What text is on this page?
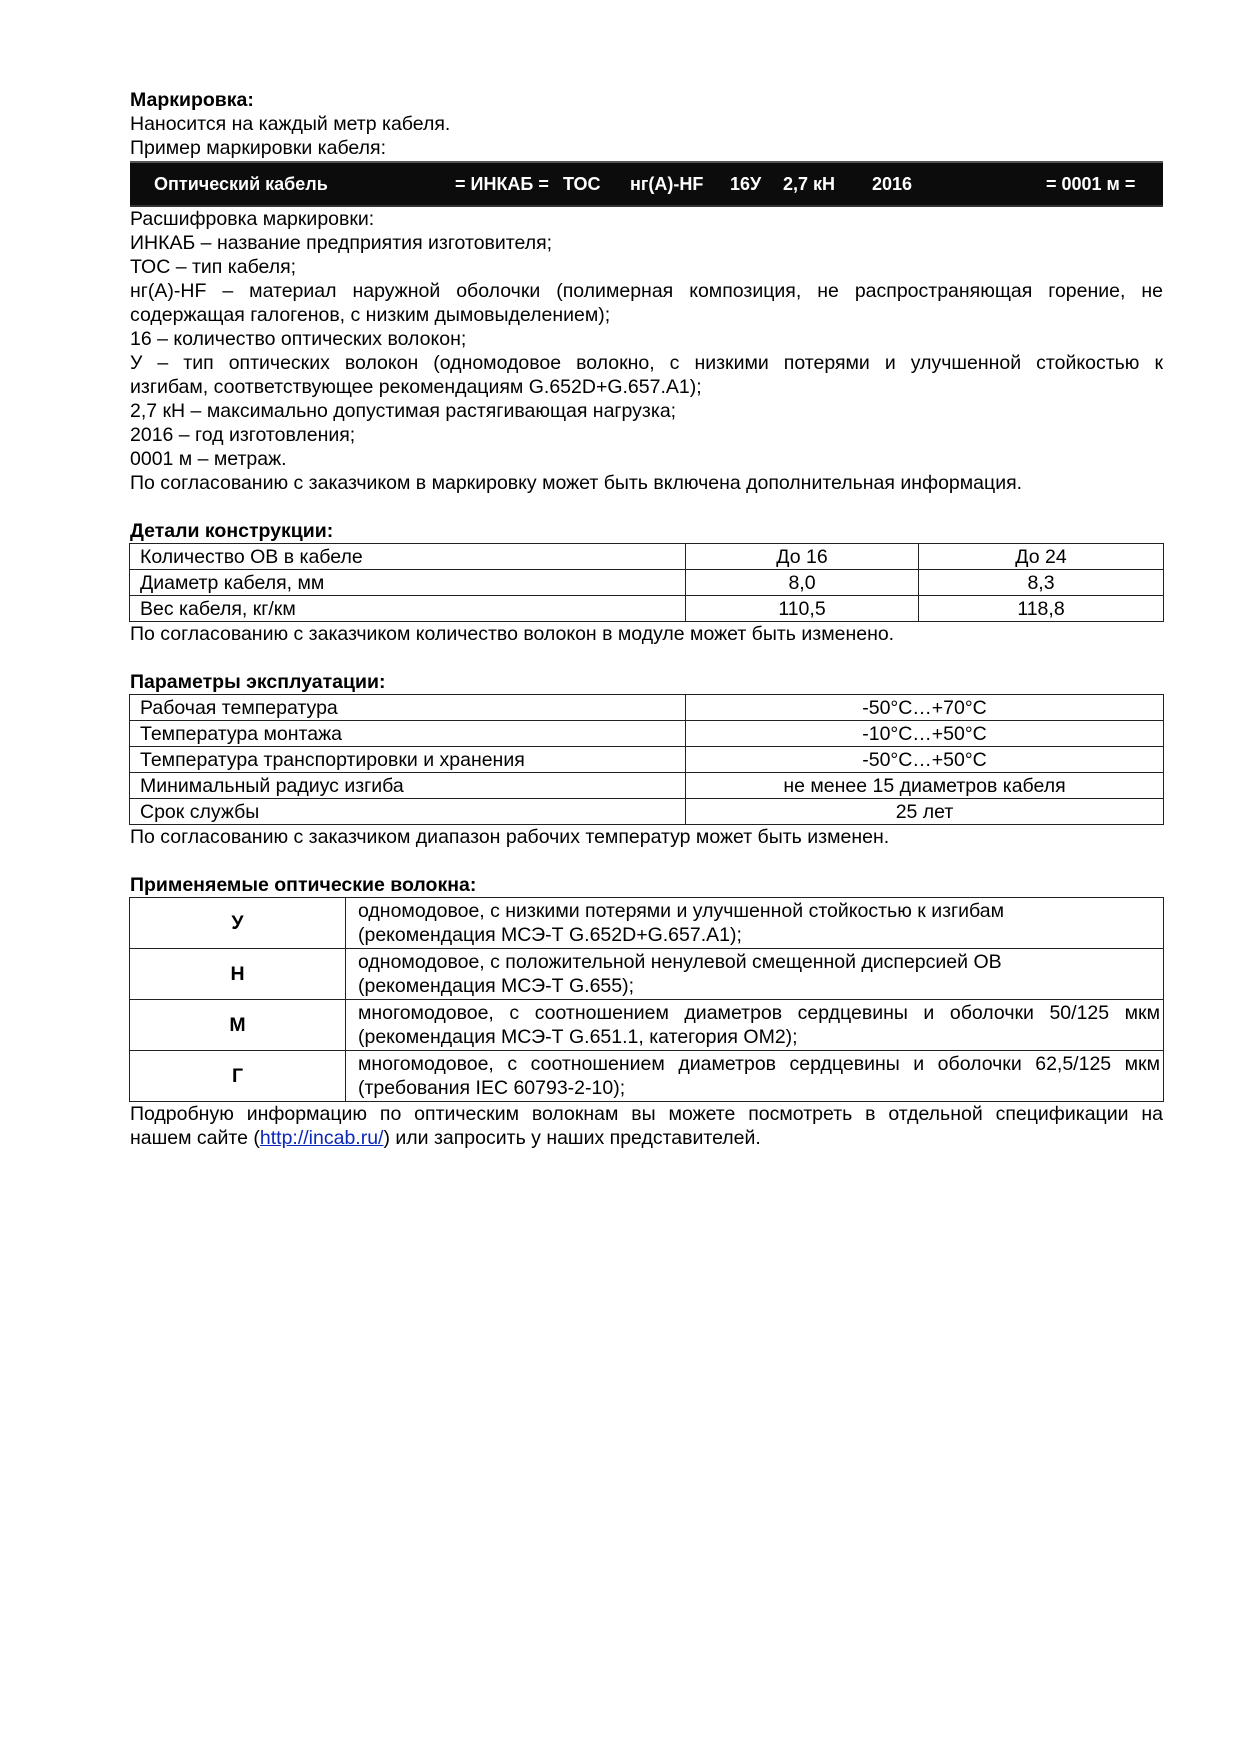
Маркировка:
Наносится на каждый метр кабеля.
Пример маркировки кабеля:
Оптический кабель	= ИНКАБ = ТОС нг(А)-HF 16У 2,7 кН 2016	= 0001 м =
Расшифровка маркировки:
ИНКАБ – название предприятия изготовителя;
ТОС – тип кабеля;
нг(А)-HF – материал наружной оболочки (полимерная композиция, не распространяющая горение, не
содержащая галогенов, с низким дымовыделением);
16 – количество оптических волокон;
У – тип оптических волокон (одномодовое волокно, с низкими потерями и улучшенной стойкостью к
изгибам, соответствующее рекомендациям G.652D+G.657.A1);
2,7 кН – максимально допустимая растягивающая нагрузка;
2016 – год изготовления;
0001 м – метраж.
По согласованию с заказчиком в маркировку может быть включена дополнительная информация.
Детали конструкции:
Количество ОВ в кабеле	До 16	До 24
Диаметр кабеля, мм	8,0	8,3
Вес кабеля, кг/км	110,5	118,8
По согласованию с заказчиком количество волокон в модуле может быть изменено.
Параметры эксплуатации:
Рабочая температура	-50°C…+70°C
Температура монтажа	-10°C…+50°C
Температура транспортировки и хранения	-50°C…+50°C
Минимальный радиус изгиба	не менее 15 диаметров кабеля
Срок службы	25 лет
По согласованию с заказчиком диапазон рабочих температур может быть изменен.
Применяемые оптические волокна:
У	одномодовое, с низкими потерями и улучшенной стойкостью к изгибам
(рекомендация МСЭ-Т G.652D+G.657.A1);

Н	одномодовое, с положительной ненулевой смещенной дисперсией ОВ
(рекомендация МСЭ-Т G.655);

М	многомодовое, с соотношением диаметров сердцевины и оболочки 50/125 мкм
(рекомендация МСЭ-Т G.651.1, категория ОМ2);

Г	многомодовое, с соотношением диаметров сердцевины и оболочки 62,5/125 мкм
(требования IEC 60793-2-10);
Подробную информацию по оптическим волокнам вы можете посмотреть в отдельной спецификации на
нашем сайте (http://incab.ru/) или запросить у наших представителей.
